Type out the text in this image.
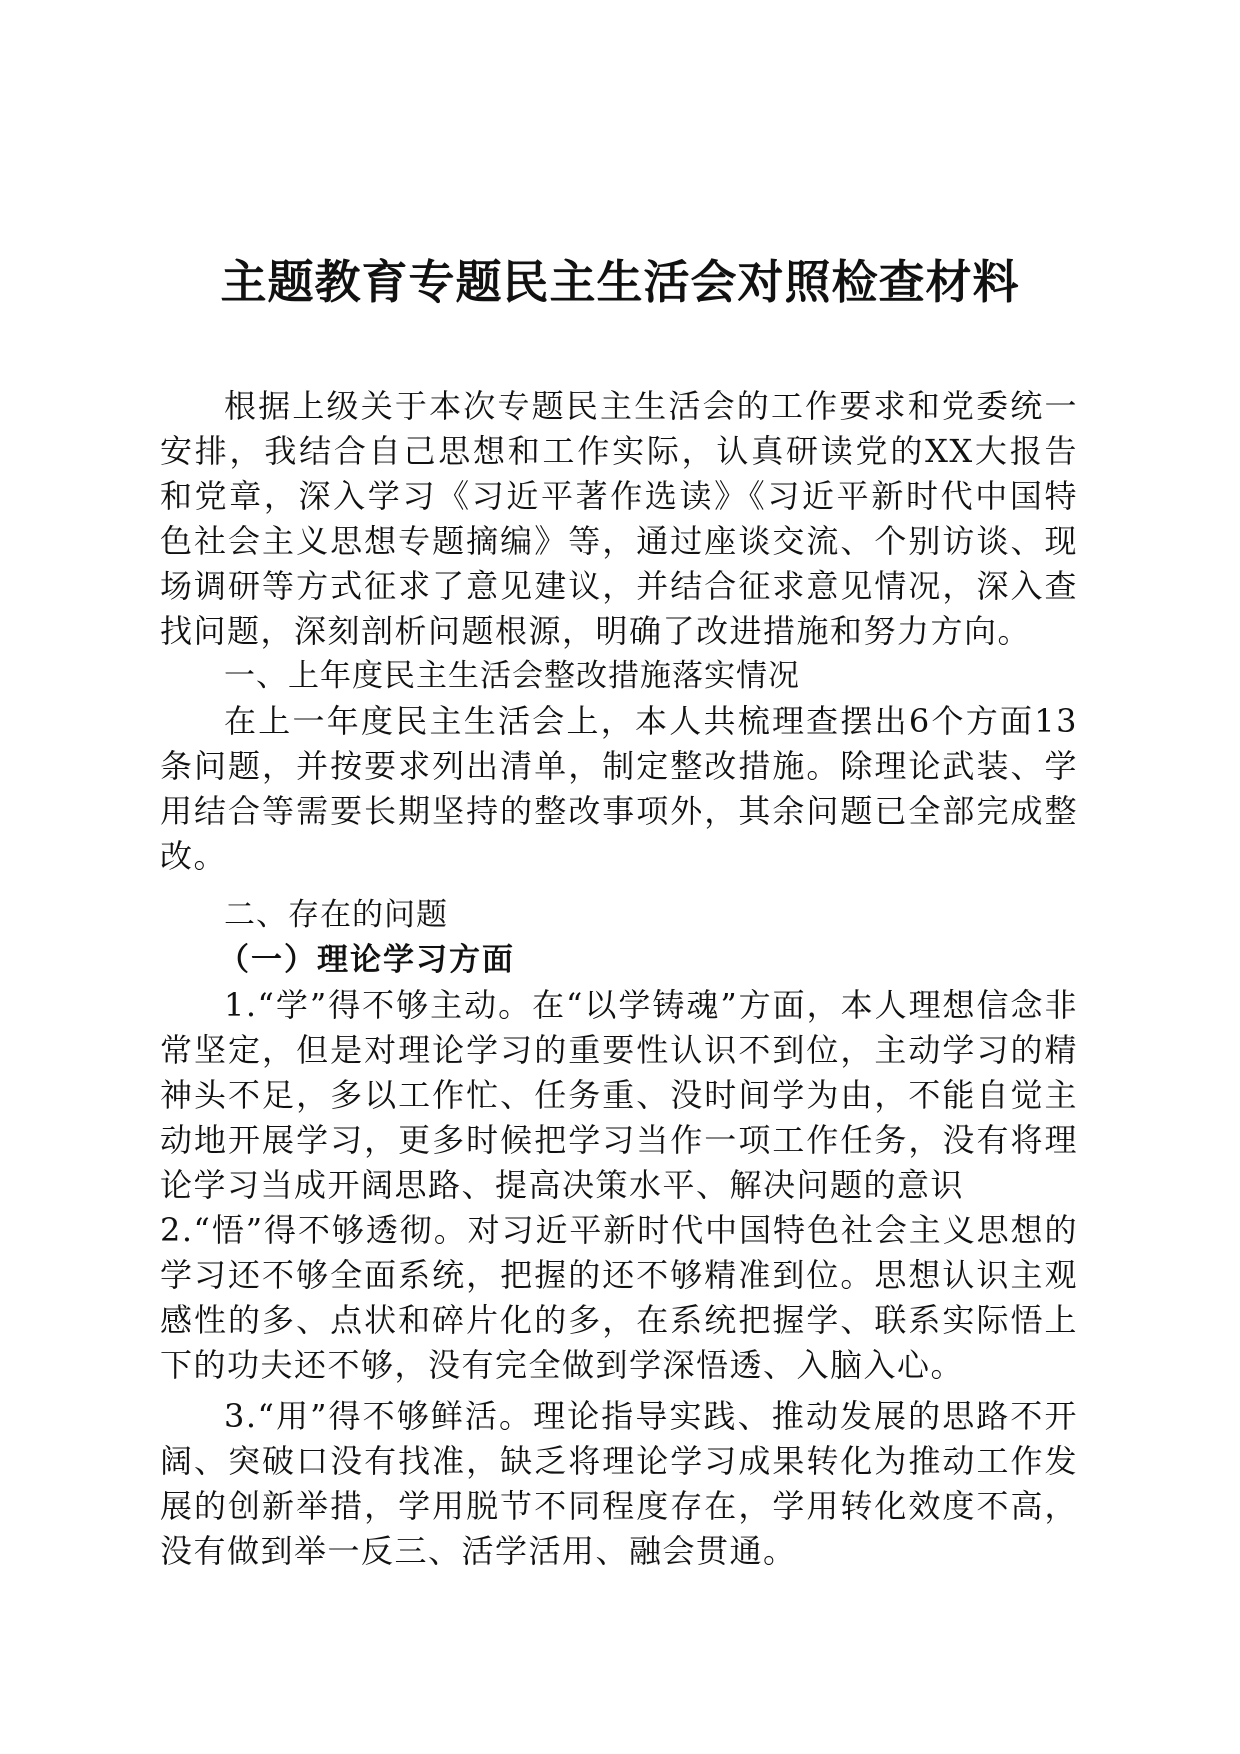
主题教育专题民主生活会对照检查材料

根据上级关于本次专题民主生活会的工作要求和党委统一安排，我结合自己思想和工作实际，认真研读党的XX大报告和党章，深入学习《习近平著作选读》《习近平新时代中国特色社会主义思想专题摘编》等，通过座谈交流、个别访谈、现场调研等方式征求了意见建议，并结合征求意见情况，深入查找问题，深刻剖析问题根源，明确了改进措施和努力方向。

一、上年度民主生活会整改措施落实情况

在上一年度民主生活会上，本人共梳理查摆出6个方面13条问题，并按要求列出清单，制定整改措施。除理论武装、学用结合等需要长期坚持的整改事项外，其余问题已全部完成整改。

二、存在的问题

（一）理论学习方面

1.“学”得不够主动。在“以学铸魂”方面，本人理想信念非常坚定，但是对理论学习的重要性认识不到位，主动学习的精神头不足，多以工作忙、任务重、没时间学为由，不能自觉主动地开展学习，更多时候把学习当作一项工作任务，没有将理论学习当成开阔思路、提高决策水平、解决问题的意识

2.“悟”得不够透彻。对习近平新时代中国特色社会主义思想的学习还不够全面系统，把握的还不够精准到位。思想认识主观感性的多、点状和碎片化的多，在系统把握学、联系实际悟上下的功夫还不够，没有完全做到学深悟透、入脑入心。

3.“用”得不够鲜活。理论指导实践、推动发展的思路不开阔、突破口没有找准，缺乏将理论学习成果转化为推动工作发展的创新举措，学用脱节不同程度存在，学用转化效度不高，没有做到举一反三、活学活用、融会贯通。
